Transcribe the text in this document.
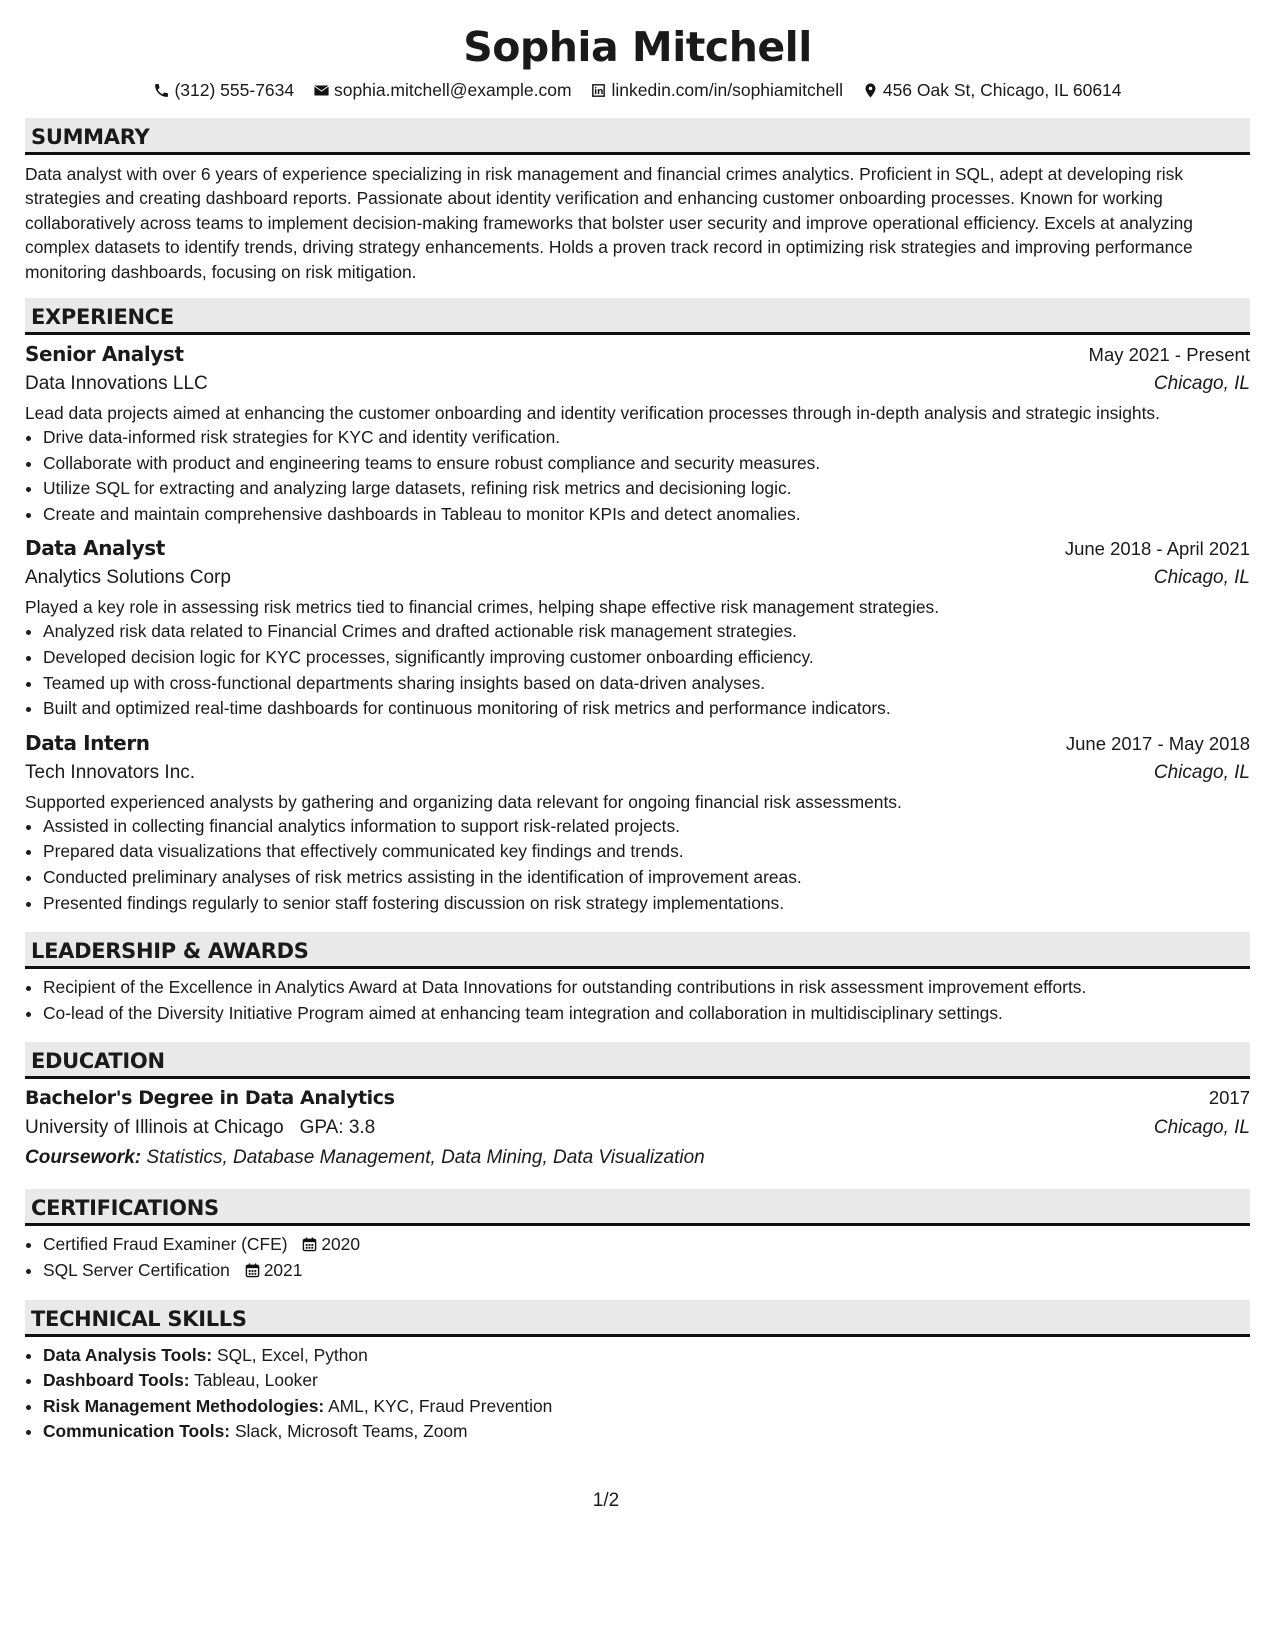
Sophia Mitchell
(312) 555-7634
sophia.mitchell@example.com
linkedin.com/in/sophiamitchell
456 Oak St, Chicago, IL 60614
SUMMARY
Data analyst with over 6 years of experience specializing in risk management and financial crimes analytics. Proficient in SQL, adept at developing risk strategies and creating dashboard reports. Passionate about identity verification and enhancing customer onboarding processes. Known for working collaboratively across teams to implement decision-making frameworks that bolster user security and improve operational efficiency. Excels at analyzing complex datasets to identify trends, driving strategy enhancements. Holds a proven track record in optimizing risk strategies and improving performance monitoring dashboards, focusing on risk mitigation.
EXPERIENCE
Senior Analyst	May 2021 - Present
Data Innovations LLC	Chicago, IL
Lead data projects aimed at enhancing the customer onboarding and identity verification processes through in-depth analysis and strategic insights.
• Drive data-informed risk strategies for KYC and identity verification.
• Collaborate with product and engineering teams to ensure robust compliance and security measures.
• Utilize SQL for extracting and analyzing large datasets, refining risk metrics and decisioning logic.
• Create and maintain comprehensive dashboards in Tableau to monitor KPIs and detect anomalies.
Data Analyst	June 2018 - April 2021
Analytics Solutions Corp	Chicago, IL
Played a key role in assessing risk metrics tied to financial crimes, helping shape effective risk management strategies.
• Analyzed risk data related to Financial Crimes and drafted actionable risk management strategies.
• Developed decision logic for KYC processes, significantly improving customer onboarding efficiency.
• Teamed up with cross-functional departments sharing insights based on data-driven analyses.
• Built and optimized real-time dashboards for continuous monitoring of risk metrics and performance indicators.
Data Intern	June 2017 - May 2018
Tech Innovators Inc.	Chicago, IL
Supported experienced analysts by gathering and organizing data relevant for ongoing financial risk assessments.
• Assisted in collecting financial analytics information to support risk-related projects.
• Prepared data visualizations that effectively communicated key findings and trends.
• Conducted preliminary analyses of risk metrics assisting in the identification of improvement areas.
• Presented findings regularly to senior staff fostering discussion on risk strategy implementations.
LEADERSHIP & AWARDS
• Recipient of the Excellence in Analytics Award at Data Innovations for outstanding contributions in risk assessment improvement efforts.
• Co-lead of the Diversity Initiative Program aimed at enhancing team integration and collaboration in multidisciplinary settings.
EDUCATION
Bachelor's Degree in Data Analytics	2017
University of Illinois at Chicago GPA: 3.8	Chicago, IL
Coursework: Statistics, Database Management, Data Mining, Data Visualization
CERTIFICATIONS
• Certified Fraud Examiner (CFE) 2020
• SQL Server Certification 2021
TECHNICAL SKILLS
• Data Analysis Tools: SQL, Excel, Python
• Dashboard Tools: Tableau, Looker
• Risk Management Methodologies: AML, KYC, Fraud Prevention
• Communication Tools: Slack, Microsoft Teams, Zoom
1/2
